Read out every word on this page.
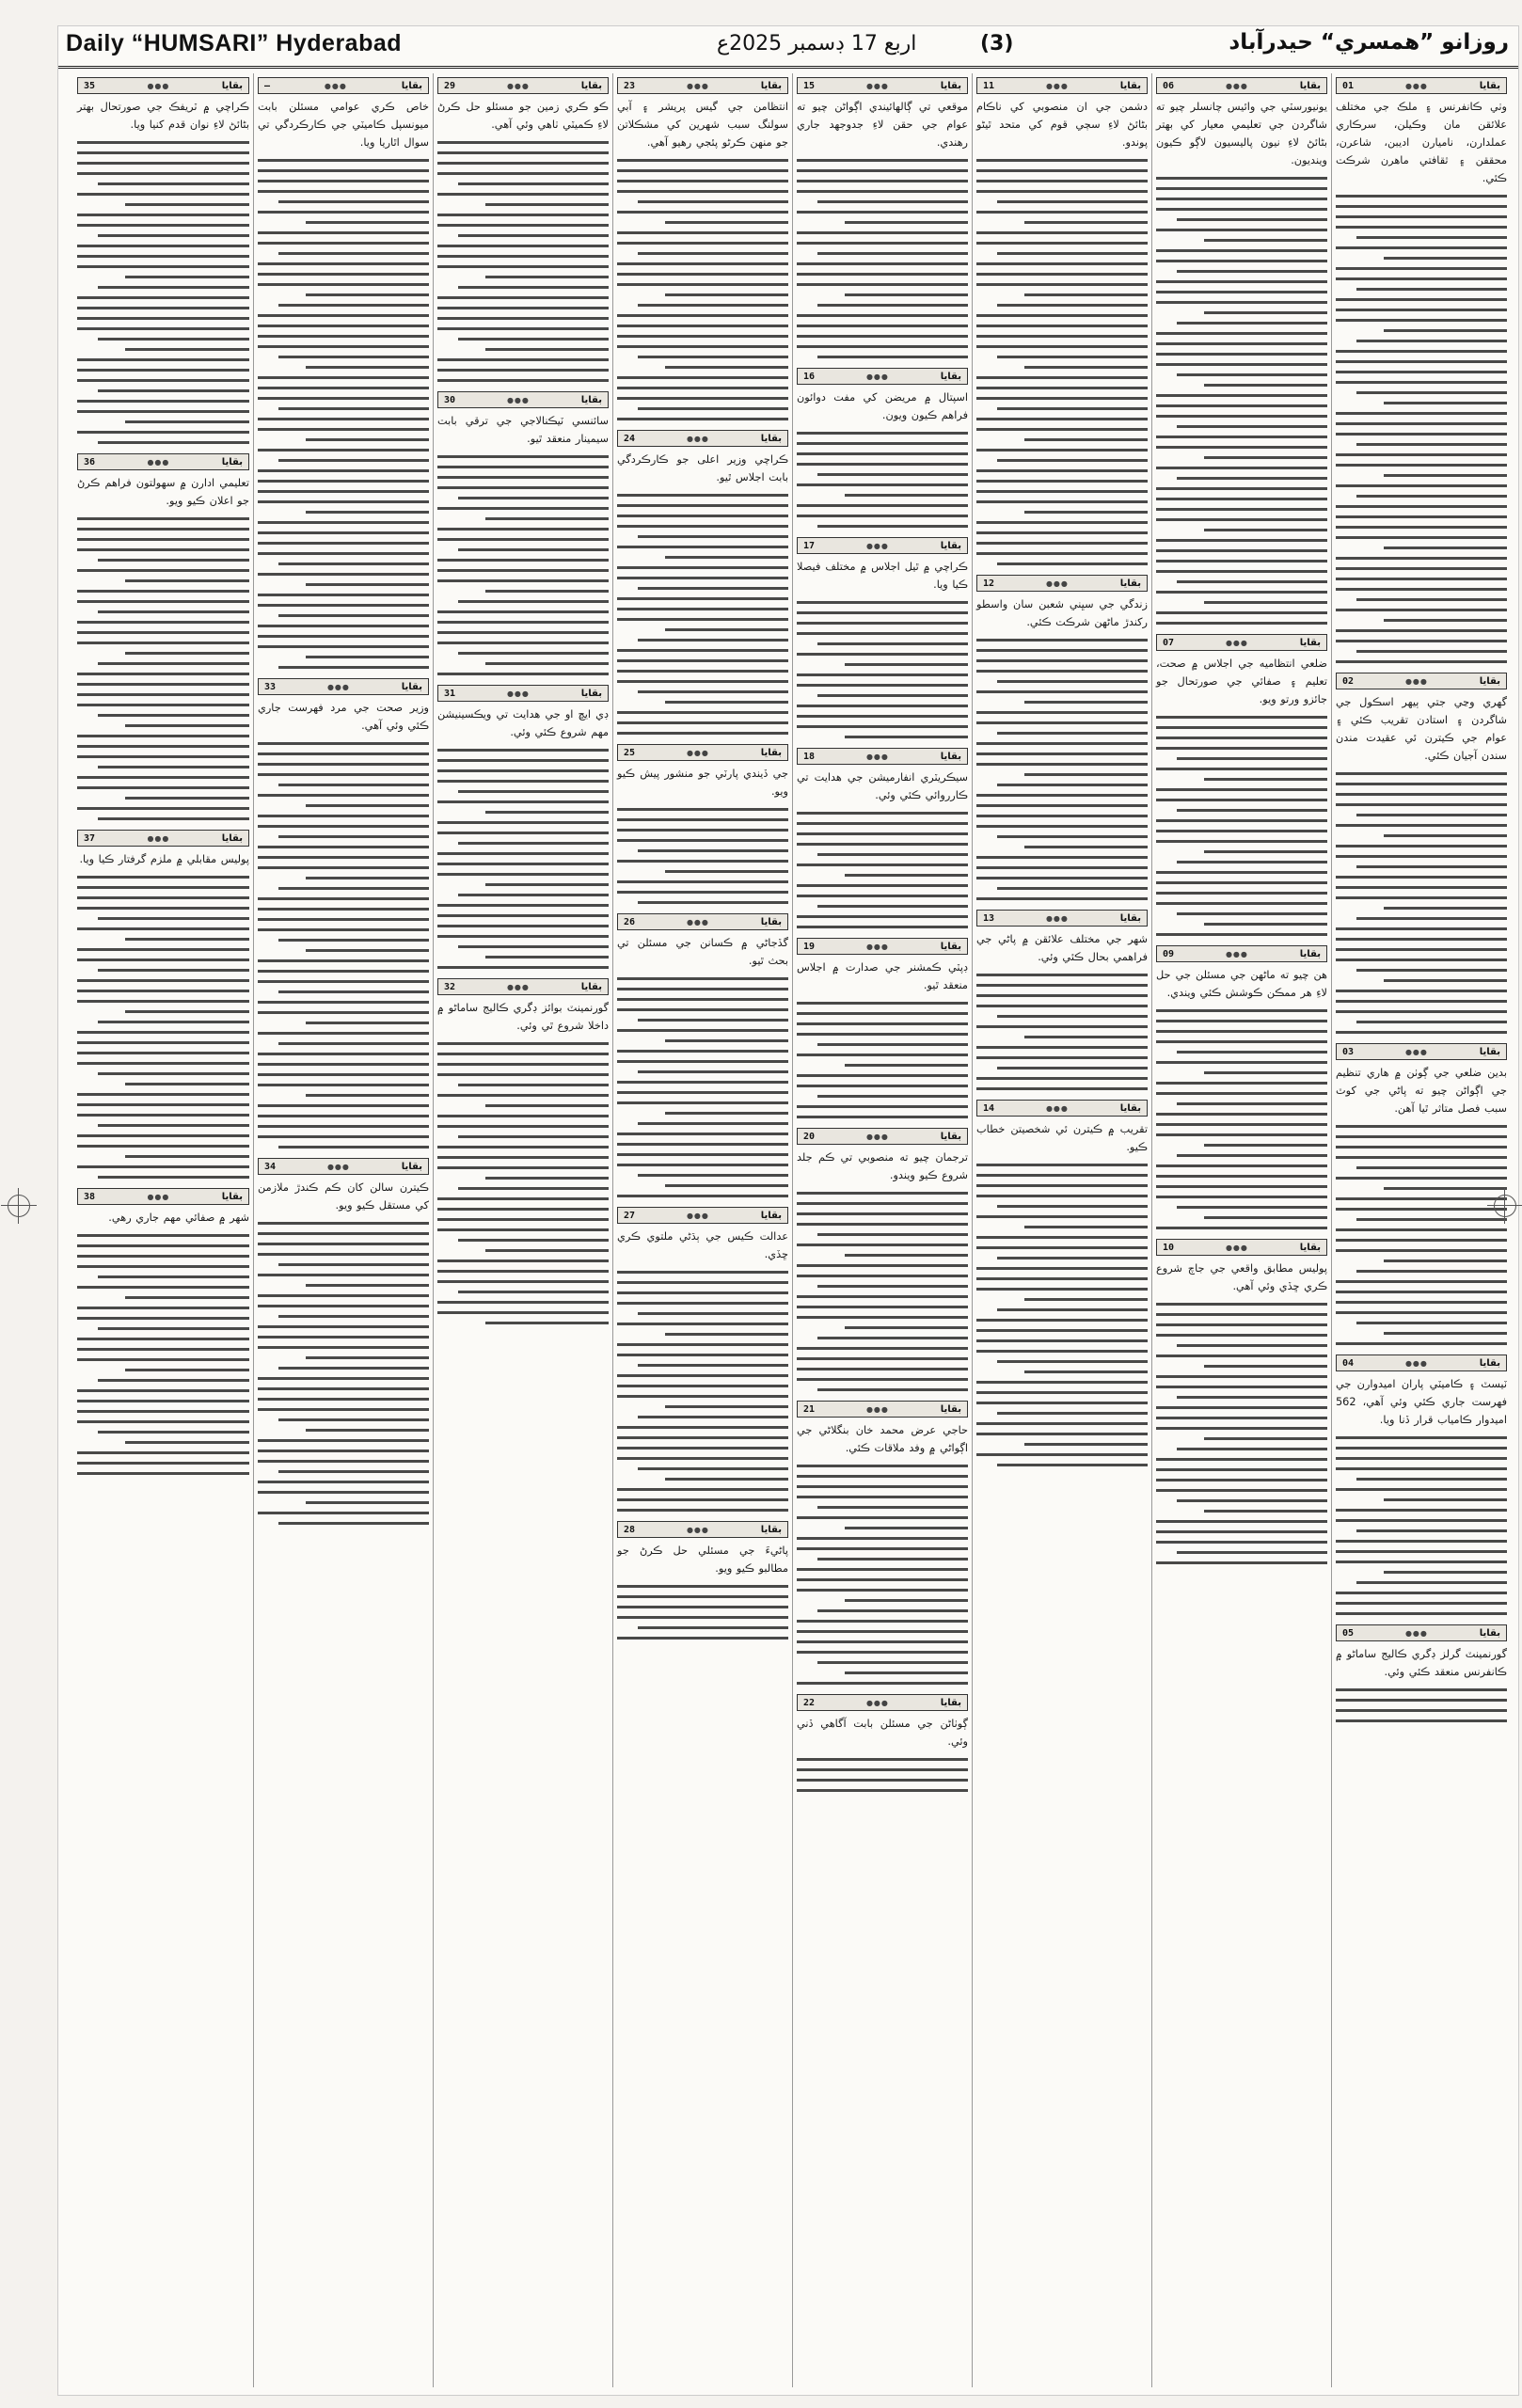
Daily “HUMSARI” Hyderabad	اربع 17 ڊسمبر 2025ع	(3)	روزانو ”همسري“ حيدرآباد
01	●●●	بقايا
وٺي ڪانفرنس ۽ ملڪ جي مختلف علائقن مان وڪيلن، سرڪاري عملدارن، ناميارن اديبن، شاعرن، محققن ۽ ثقافتي ماهرن شرڪت ڪئي.
02	●●●	بقايا
گهري وڃي جتي ٻيهر اسڪول جي شاگردن ۽ استادن تقريب ڪئي ۽ عوام جي ڪيترن ئي عقيدت مندن سندن آجيان ڪئي.
03	●●●	بقايا
بدين ضلعي جي ڳوٺن ۾ هاري تنظيم جي اڳواڻن چيو ته پاڻي جي کوٽ سبب فصل متاثر ٿيا آهن.
04	●●●	بقايا
ٽيسٽ ۽ ڪاميٽي پاران اميدوارن جي فهرست جاري ڪئي وئي آهي، 562 اميدوار ڪامياب قرار ڏنا ويا.
05	●●●	بقايا
گورنمينٽ گرلز ڊگري ڪاليج ساماڻو ۾ ڪانفرنس منعقد ڪئي وئي.
06	●●●	بقايا
يونيورسٽي جي وائيس چانسلر چيو ته شاگردن جي تعليمي معيار کي بهتر بڻائڻ لاءِ نيون پاليسيون لاڳو ڪيون وينديون.
07	●●●	بقايا
ضلعي انتظاميه جي اجلاس ۾ صحت، تعليم ۽ صفائي جي صورتحال جو جائزو ورتو ويو.
09	●●●	بقايا
هن چيو ته ماڻهن جي مسئلن جي حل لاءِ هر ممڪن ڪوشش ڪئي ويندي.
10	●●●	بقايا
پوليس مطابق واقعي جي جاچ شروع ڪري ڇڏي وئي آهي.
11	●●●	بقايا
دشمن جي ان منصوبي کي ناڪام بڻائڻ لاءِ سڄي قوم کي متحد ٿيڻو پوندو.
12	●●●	بقايا
زندگي جي سڀني شعبن سان واسطو رکندڙ ماڻهن شرڪت ڪئي.
13	●●●	بقايا
شهر جي مختلف علائقن ۾ پاڻي جي فراهمي بحال ڪئي وئي.
14	●●●	بقايا
تقريب ۾ ڪيترن ئي شخصيتن خطاب ڪيو.
15	●●●	بقايا
موقعي تي ڳالهائيندي اڳواڻن چيو ته عوام جي حقن لاءِ جدوجهد جاري رهندي.
16	●●●	بقايا
اسپتال ۾ مريضن کي مفت دوائون فراهم ڪيون ويون.
17	●●●	بقايا
ڪراچي ۾ ٿيل اجلاس ۾ مختلف فيصلا ڪيا ويا.
18	●●●	بقايا
سيڪريٽري انفارميشن جي هدايت تي ڪارروائي ڪئي وئي.
19	●●●	بقايا
ڊپٽي ڪمشنر جي صدارت ۾ اجلاس منعقد ٿيو.
20	●●●	بقايا
ترجمان چيو ته منصوبي تي ڪم جلد شروع ڪيو ويندو.
21	●●●	بقايا
حاجي عرض محمد خان بنگلاڻي جي اڳواڻي ۾ وفد ملاقات ڪئي.
22	●●●	بقايا
ڳوٺاڻن جي مسئلن بابت آگاهي ڏني وئي.
23	●●●	بقايا
انتظامن جي گيس پريشر ۽ آبي سولنگ سبب شهرين کي مشڪلاتن جو منهن ڪرڻو پئجي رهيو آهي.
24	●●●	بقايا
ڪراچي وزير اعلى جو ڪارڪردگي بابت اجلاس ٿيو.
25	●●●	بقايا
جي ڏيندي پارٽي جو منشور پيش ڪيو ويو.
26	●●●	بقايا
گڏجاڻي ۾ ڪسانن جي مسئلن تي بحث ٿيو.
27	●●●	بقايا
عدالت ڪيس جي ٻڌڻي ملتوي ڪري ڇڏي.
28	●●●	بقايا
پاڻيءَ جي مسئلي حل ڪرڻ جو مطالبو ڪيو ويو.
29	●●●	بقايا
ڪو ڪري زمين جو مسئلو حل ڪرڻ لاءِ ڪميٽي ٺاهي وئي آهي.
30	●●●	بقايا
سائنسي ٽيڪنالاجي جي ترقي بابت سيمينار منعقد ٿيو.
31	●●●	بقايا
ڊي ايڇ او جي هدايت تي ويڪسينيشن مهم شروع ڪئي وئي.
32	●●●	بقايا
گورنمينٽ بوائز ڊگري ڪاليج ساماڻو ۾ داخلا شروع ٿي وئي.
—	●●●	بقايا
خاص ڪري عوامي مسئلن بابت ميونسپل ڪاميٽي جي ڪارڪردگي تي سوال اٿاريا ويا.
33	●●●	بقايا
وزير صحت جي مرد فهرست جاري ڪئي وئي آهي.
34	●●●	بقايا
ڪيترن سالن کان ڪم ڪندڙ ملازمن کي مستقل ڪيو ويو.
35	●●●	بقايا
ڪراچي ۾ ٽريفڪ جي صورتحال بهتر بڻائڻ لاءِ نوان قدم کنيا ويا.
36	●●●	بقايا
تعليمي ادارن ۾ سهولتون فراهم ڪرڻ جو اعلان ڪيو ويو.
37	●●●	بقايا
پوليس مقابلي ۾ ملزم گرفتار ڪيا ويا.
38	●●●	بقايا
شهر ۾ صفائي مهم جاري رهي.
